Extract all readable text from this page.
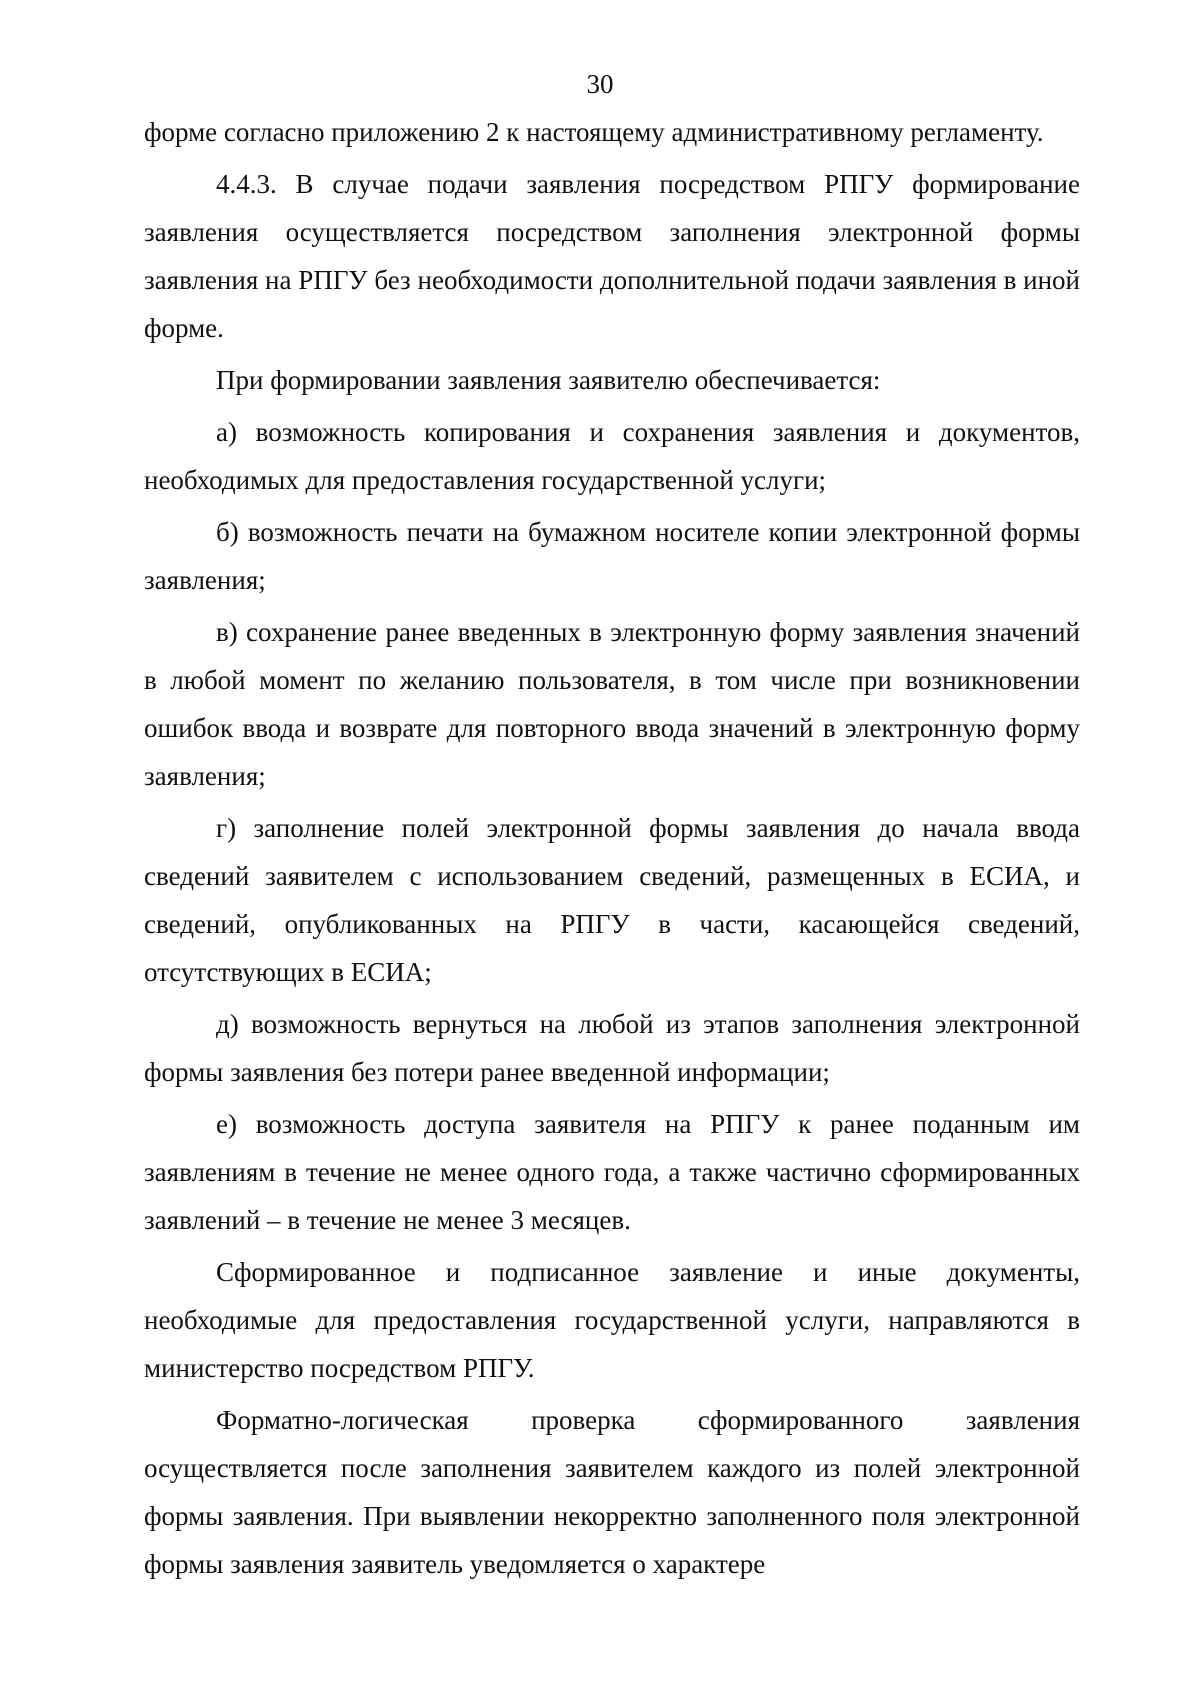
30

форме согласно приложению 2 к настоящему административному регламенту.

4.4.3. В случае подачи заявления посредством РПГУ формирование заявления осуществляется посредством заполнения электронной формы заявления на РПГУ без необходимости дополнительной подачи заявления в иной форме.

При формировании заявления заявителю обеспечивается:

а) возможность копирования и сохранения заявления и документов, необходимых для предоставления государственной услуги;

б) возможность печати на бумажном носителе копии электронной формы заявления;

в) сохранение ранее введенных в электронную форму заявления значений в любой момент по желанию пользователя, в том числе при возникновении ошибок ввода и возврате для повторного ввода значений в электронную форму заявления;

г) заполнение полей электронной формы заявления до начала ввода сведений заявителем с использованием сведений, размещенных в ЕСИА, и сведений, опубликованных на РПГУ в части, касающейся сведений, отсутствующих в ЕСИА;

д) возможность вернуться на любой из этапов заполнения электронной формы заявления без потери ранее введенной информации;

е) возможность доступа заявителя на РПГУ к ранее поданным им заявлениям в течение не менее одного года, а также частично сформированных заявлений – в течение не менее 3 месяцев.

Сформированное и подписанное заявление и иные документы, необходимые для предоставления государственной услуги, направляются в министерство посредством РПГУ.

Форматно-логическая проверка сформированного заявления осуществляется после заполнения заявителем каждого из полей электронной формы заявления. При выявлении некорректно заполненного поля электронной формы заявления заявитель уведомляется о характере
